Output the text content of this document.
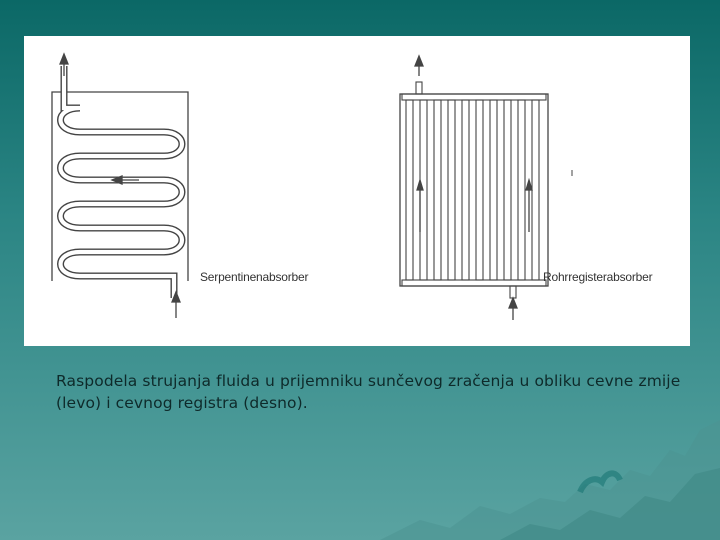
Serpentinenabsorber	Rohrregisterabsorber

Raspodela strujanja fluida u prijemniku sunčevog zračenja u obliku cevne zmije (levo) i cevnog registra (desno).
